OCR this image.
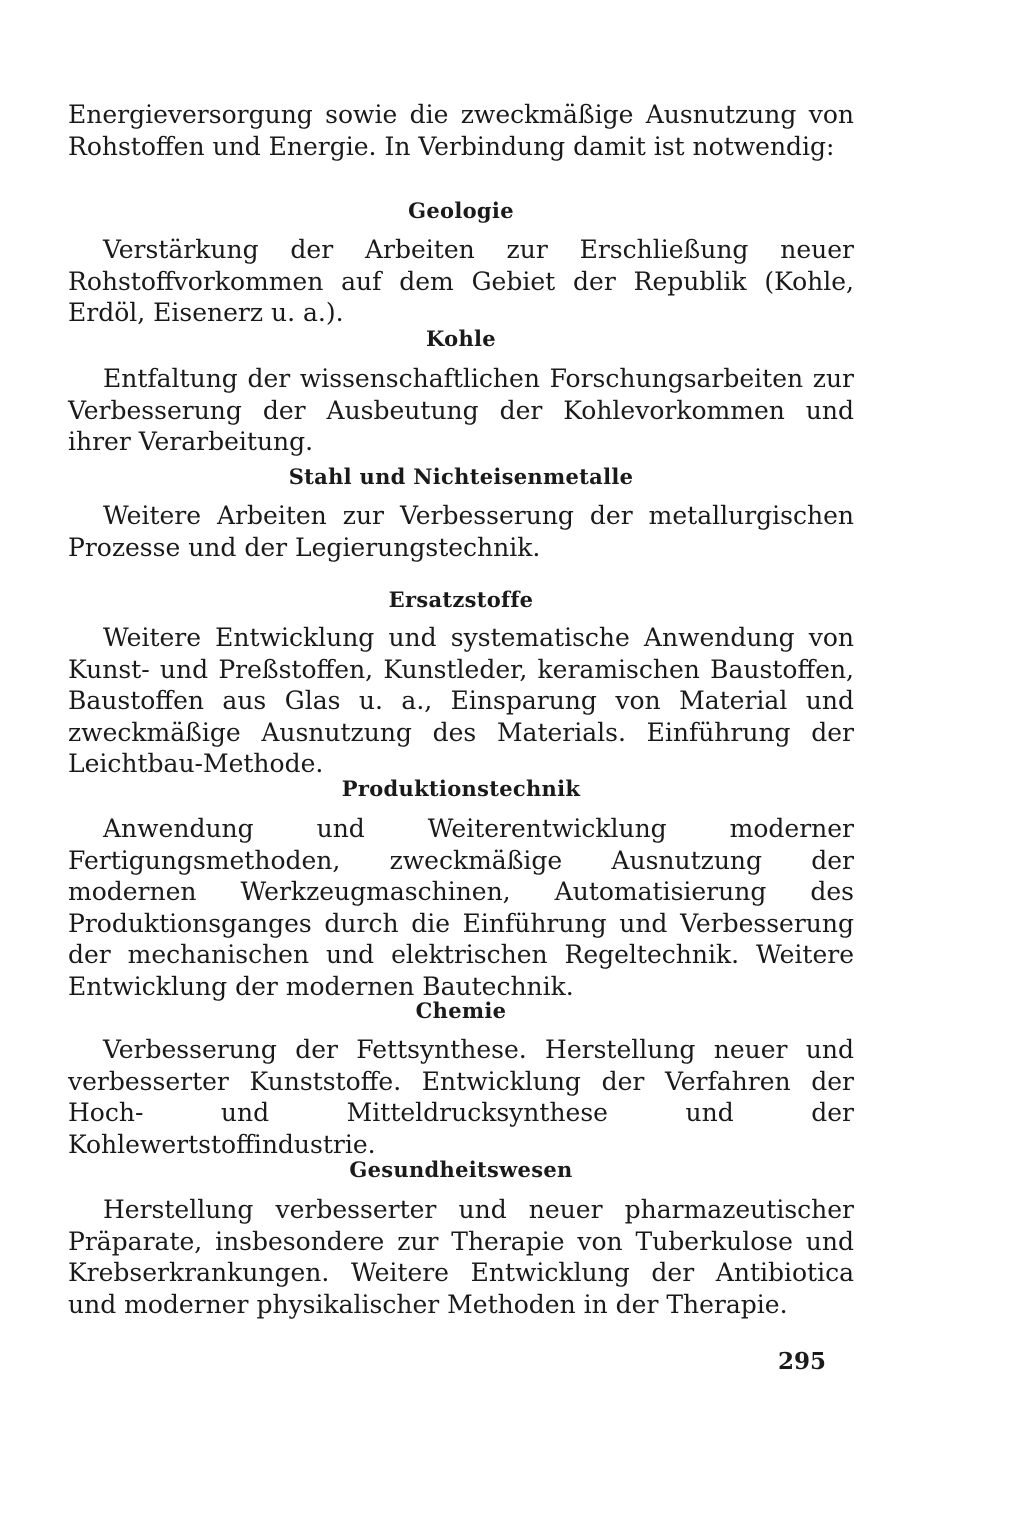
Energieversorgung sowie die zweckmäßige Ausnutzung von Rohstoffen und Energie. In Verbindung damit ist notwendig:

Geologie

Verstärkung der Arbeiten zur Erschließung neuer Rohstoffvorkommen auf dem Gebiet der Republik (Kohle, Erdöl, Eisenerz u. a.).

Kohle

Entfaltung der wissenschaftlichen Forschungsarbeiten zur Verbesserung der Ausbeutung der Kohlevorkommen und ihrer Verarbeitung.

Stahl und Nichteisenmetalle

Weitere Arbeiten zur Verbesserung der metallurgischen Prozesse und der Legierungstechnik.

Ersatzstoffe

Weitere Entwicklung und systematische Anwendung von Kunst- und Preßstoffen, Kunstleder, keramischen Baustoffen, Baustoffen aus Glas u. a., Einsparung von Material und zweckmäßige Ausnutzung des Materials. Einführung der Leichtbau-Methode.

Produktionstechnik

Anwendung und Weiterentwicklung moderner Fertigungsmethoden, zweckmäßige Ausnutzung der modernen Werkzeugmaschinen, Automatisierung des Produktionsganges durch die Einführung und Verbesserung der mechanischen und elektrischen Regeltechnik. Weitere Entwicklung der modernen Bautechnik.

Chemie

Verbesserung der Fettsynthese. Herstellung neuer und verbesserter Kunststoffe. Entwicklung der Verfahren der Hoch- und Mitteldrucksynthese und der Kohlewertstoffindustrie.

Gesundheitswesen

Herstellung verbesserter und neuer pharmazeutischer Präparate, insbesondere zur Therapie von Tuberkulose und Krebserkrankungen. Weitere Entwicklung der Antibiotica und moderner physikalischer Methoden in der Therapie.

295
